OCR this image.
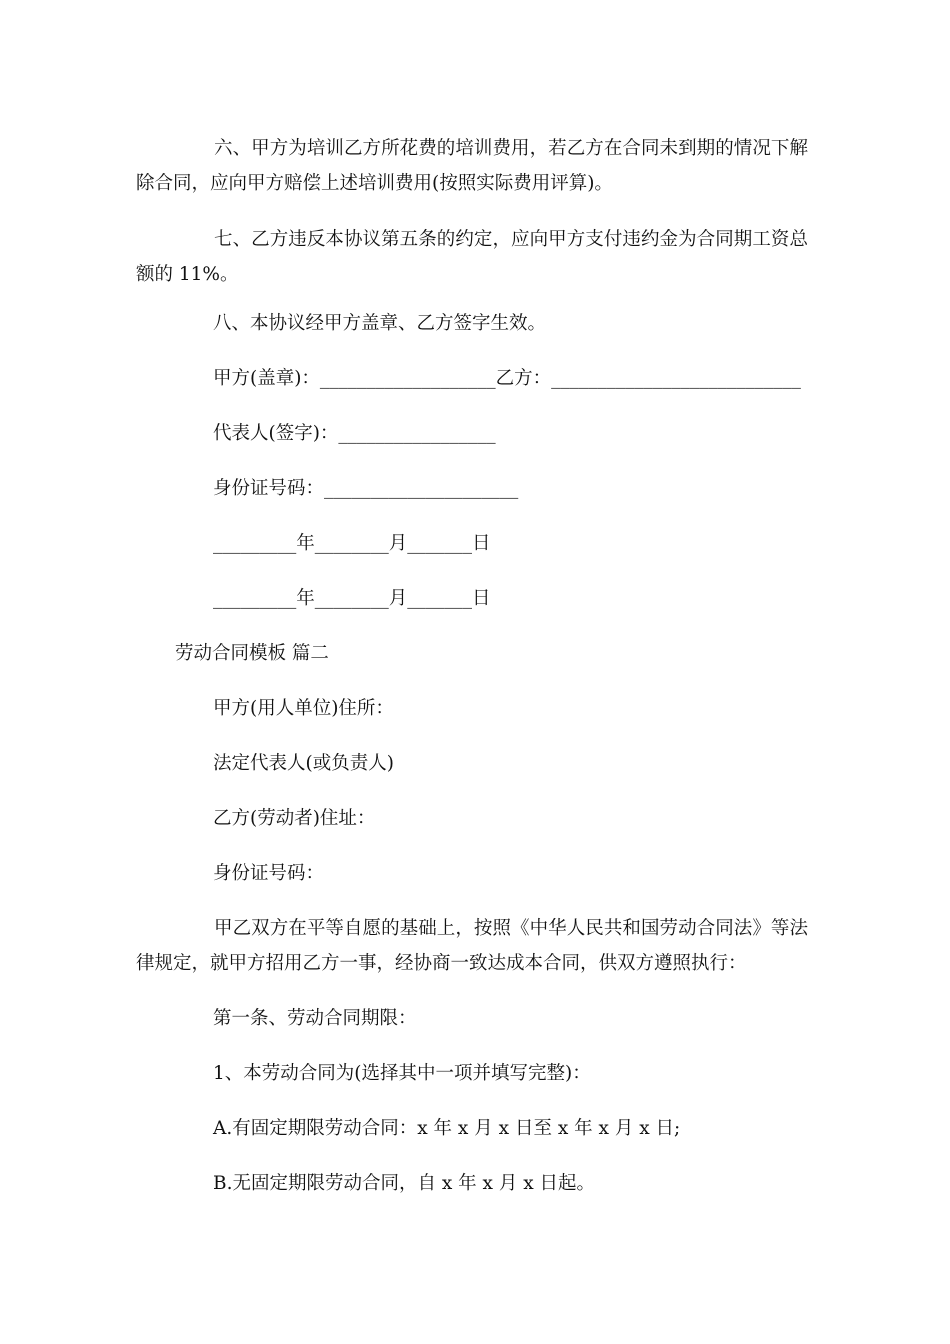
六、甲方为培训乙方所花费的培训费用，若乙方在合同未到期的情况下解除合同，应向甲方赔偿上述培训费用(按照实际费用评算)。

七、乙方违反本协议第五条的约定，应向甲方支付违约金为合同期工资总额的 11%。

八、本协议经甲方盖章、乙方签字生效。

甲方(盖章)：___________________乙方：___________________________

代表人(签字)：_________________

身份证号码：_____________________

_________年________月_______日

_________年________月_______日

劳动合同模板 篇二

甲方(用人单位)住所：

法定代表人(或负责人)

乙方(劳动者)住址：

身份证号码：

甲乙双方在平等自愿的基础上，按照《中华人民共和国劳动合同法》等法律规定，就甲方招用乙方一事，经协商一致达成本合同，供双方遵照执行：

第一条、劳动合同期限：

1、本劳动合同为(选择其中一项并填写完整)：

A.有固定期限劳动合同：x 年 x 月 x 日至 x 年 x 月 x 日;

B.无固定期限劳动合同，自 x 年 x 月 x 日起。
